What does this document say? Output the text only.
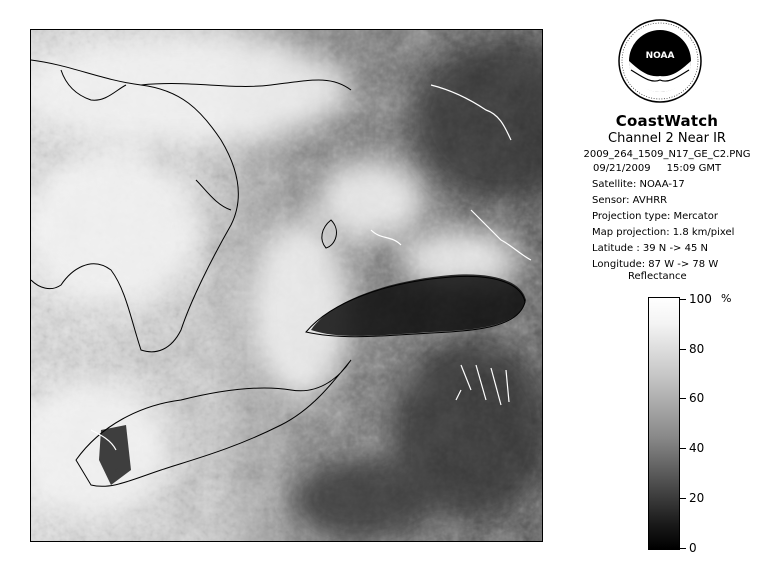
NOAA
CoastWatch
Channel 2 Near IR
2009_264_1509_N17_GE_C2.PNG
09/21/2009 15:09 GMT
Satellite: NOAA-17
Sensor: AVHRR
Projection type: Mercator
Map projection: 1.8 km/pixel
Latitude : 39 N -> 45 N
Longitude: 87 W -> 78 W
Reflectance
%
100
80
60
40
20
0
